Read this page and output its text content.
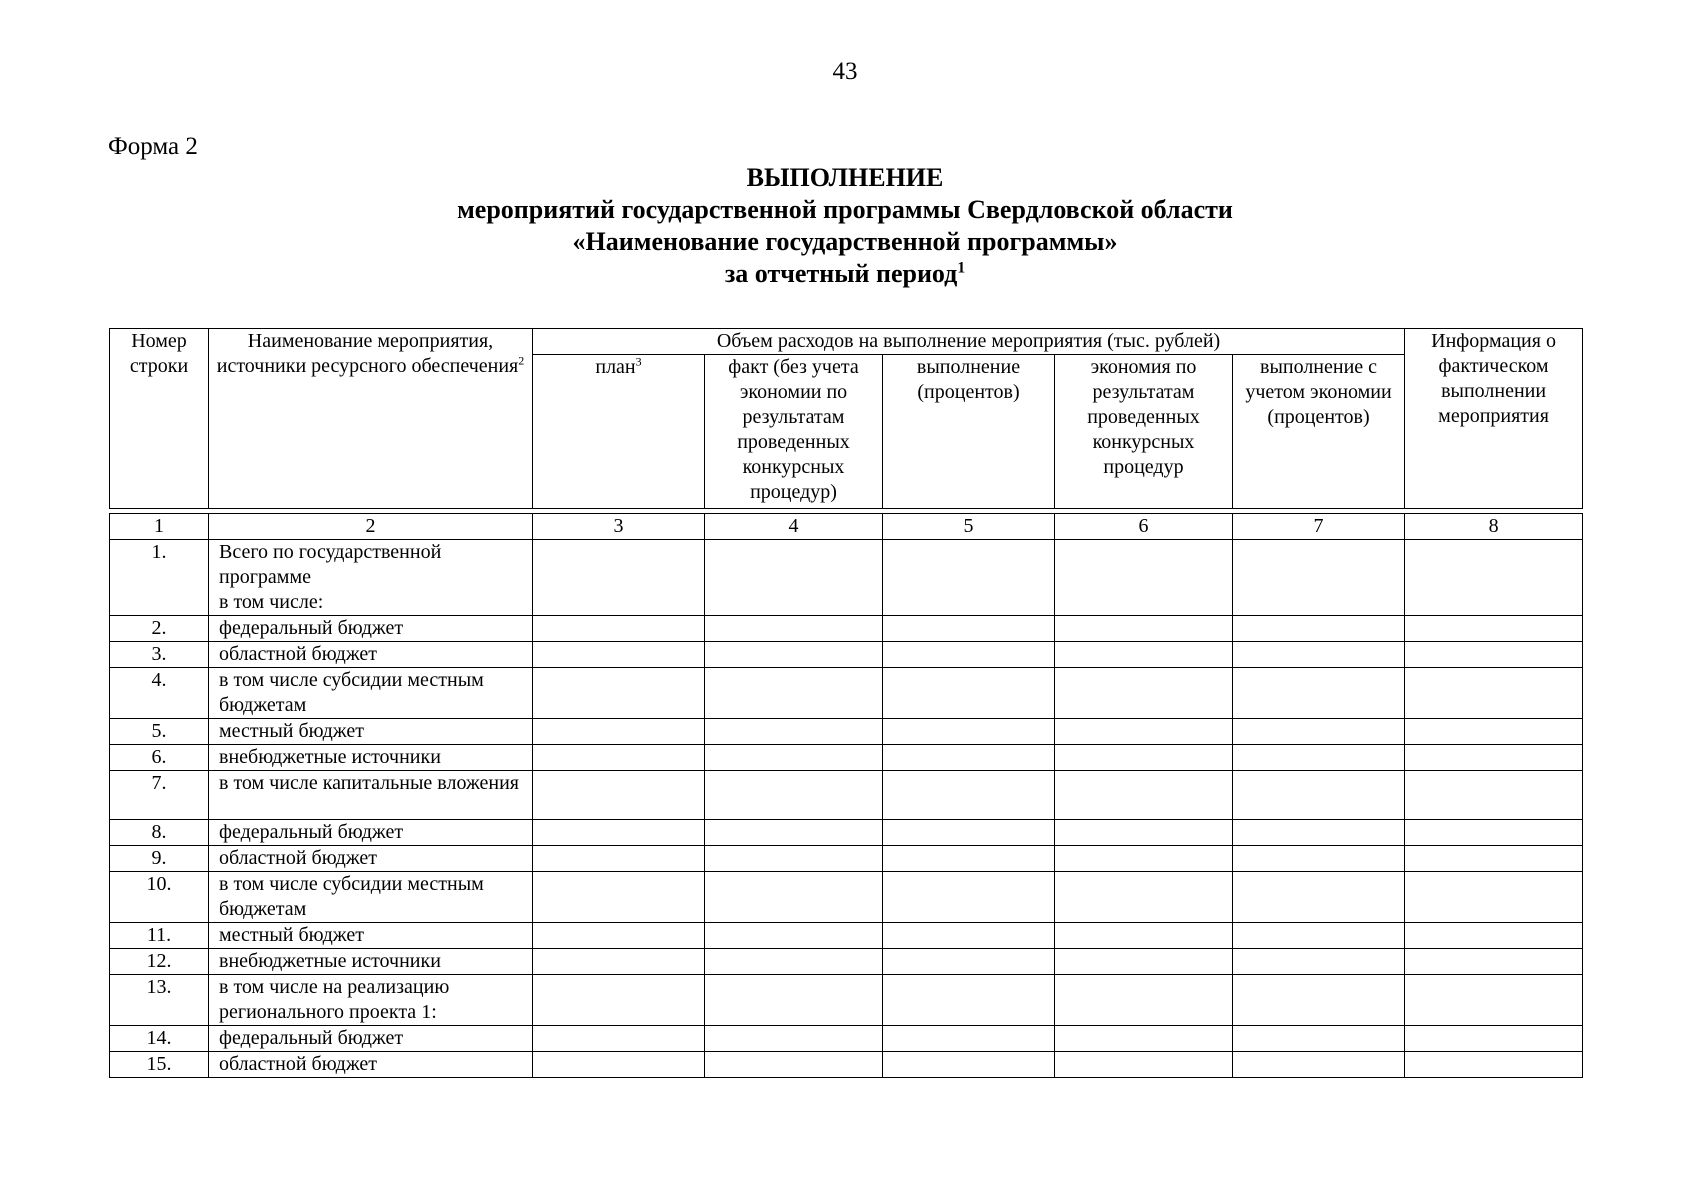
43
Форма 2
ВЫПОЛНЕНИЕ
мероприятий государственной программы Свердловской области
«Наименование государственной программы»
за отчетный период$^1$
Номер строки	Наименование мероприятия, источники ресурсного обеспечения$^2$	Объем расходов на выполнение мероприятия (тыс. рублей)					Информация о фактическом выполнении мероприятия
		план$^3$	факт (без учета экономии по результатам проведенных конкурсных процедур)	выполнение (процентов)	экономия по результатам проведенных конкурсных процедур	выполнение с учетом экономии (процентов)	

1	2	3	4	5	6	7	8
1.	Всего по государственной программе
в том числе:						
2.	федеральный бюджет						
3.	областной бюджет						
4.	в том числе субсидии местным бюджетам						
5.	местный бюджет						
6.	внебюджетные источники						
7.	в том числе капитальные вложения						
8.	федеральный бюджет						
9.	областной бюджет						
10.	в том числе субсидии местным бюджетам						
11.	местный бюджет						
12.	внебюджетные источники						
13.	в том числе на реализацию регионального проекта 1:						
14.	федеральный бюджет						
15.	областной бюджет						
